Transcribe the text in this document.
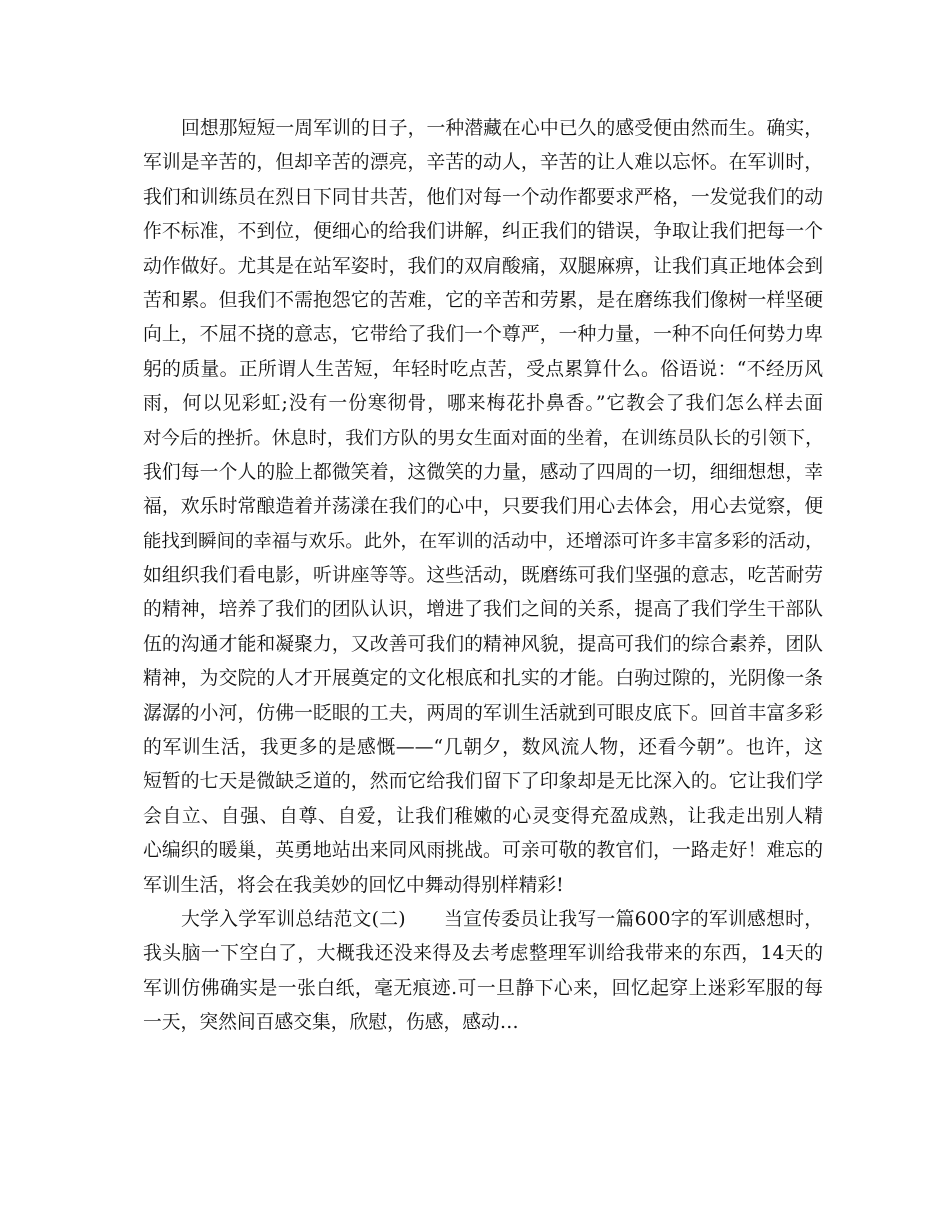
回想那短短一周军训的日子，一种潜藏在心中已久的感受便由然而生。确实，
军训是辛苦的，但却辛苦的漂亮，辛苦的动人，辛苦的让人难以忘怀。在军训时，
我们和训练员在烈日下同甘共苦，他们对每一个动作都要求严格，一发觉我们的动
作不标准，不到位，便细心的给我们讲解，纠正我们的错误，争取让我们把每一个
动作做好。尤其是在站军姿时，我们的双肩酸痛，双腿麻痹，让我们真正地体会到
苦和累。但我们不需抱怨它的苦难，它的辛苦和劳累，是在磨练我们像树一样坚硬
向上，不屈不挠的意志，它带给了我们一个尊严，一种力量，一种不向任何势力卑
躬的质量。正所谓人生苦短，年轻时吃点苦，受点累算什么。俗语说：“不经历风
雨，何以见彩虹;没有一份寒彻骨，哪来梅花扑鼻香。”它教会了我们怎么样去面
对今后的挫折。休息时，我们方队的男女生面对面的坐着，在训练员队长的引领下，
我们每一个人的脸上都微笑着，这微笑的力量，感动了四周的一切，细细想想，幸
福，欢乐时常酿造着并荡漾在我们的心中，只要我们用心去体会，用心去觉察，便
能找到瞬间的幸福与欢乐。此外，在军训的活动中，还增添可许多丰富多彩的活动，
如组织我们看电影，听讲座等等。这些活动，既磨练可我们坚强的意志，吃苦耐劳
的精神，培养了我们的团队认识，增进了我们之间的关系，提高了我们学生干部队
伍的沟通才能和凝聚力，又改善可我们的精神风貌，提高可我们的综合素养，团队
精神，为交院的人才开展奠定的文化根底和扎实的才能。白驹过隙的，光阴像一条
潺潺的小河，仿佛一眨眼的工夫，两周的军训生活就到可眼皮底下。回首丰富多彩
的军训生活，我更多的是感慨——“几朝夕，数风流人物，还看今朝”。也许，这
短暂的七天是微缺乏道的，然而它给我们留下了印象却是无比深入的。它让我们学
会自立、自强、自尊、自爱，让我们稚嫩的心灵变得充盈成熟，让我走出别人精
心编织的暖巢，英勇地站出来同风雨挑战。可亲可敬的教官们，一路走好！难忘的
军训生活，将会在我美妙的回忆中舞动得别样精彩!
大学入学军训总结范文(二)　　当宣传委员让我写一篇600字的军训感想时，
我头脑一下空白了，大概我还没来得及去考虑整理军训给我带来的东西，14天的
军训仿佛确实是一张白纸，毫无痕迹.可一旦静下心来，回忆起穿上迷彩军服的每
一天，突然间百感交集，欣慰，伤感，感动…
